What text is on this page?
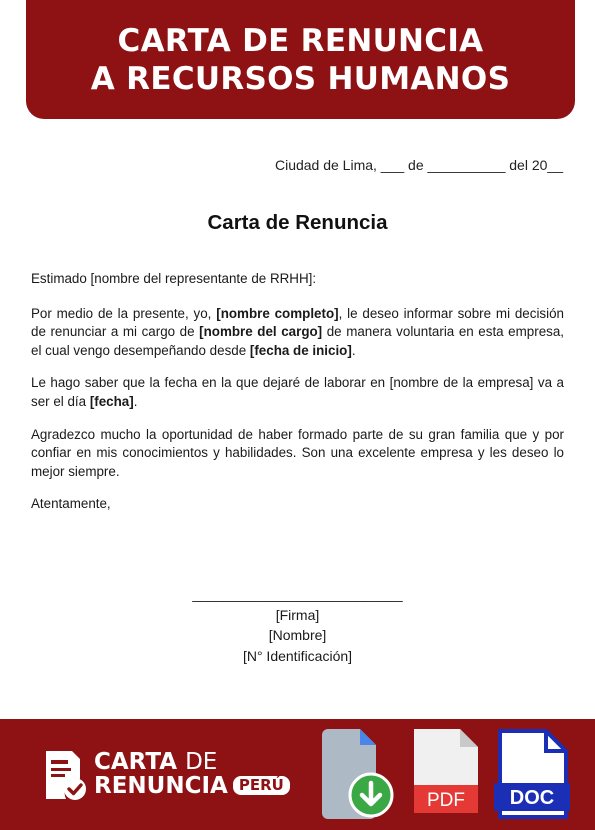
CARTA DE RENUNCIA
A RECURSOS HUMANOS
Ciudad de Lima, ___ de __________ del 20__
Carta de Renuncia

Estimado [nombre del representante de RRHH]:

Por medio de la presente, yo, [nombre completo], le deseo informar sobre mi decisión de renunciar a mi cargo de [nombre del cargo] de manera voluntaria en esta empresa, el cual vengo desempeñando desde [fecha de inicio].

Le hago saber que la fecha en la que dejaré de laborar en [nombre de la empresa] va a ser el día [fecha].

Agradezco mucho la oportunidad de haber formado parte de su gran familia que y por confiar en mis conocimientos y habilidades. Son una excelente empresa y les deseo lo mejor siempre.

Atentamente,

___________________________
[Firma]
[Nombre]
[N° Identificación]
CARTA DE
RENUNCIA PERÚ
PDF DOC
